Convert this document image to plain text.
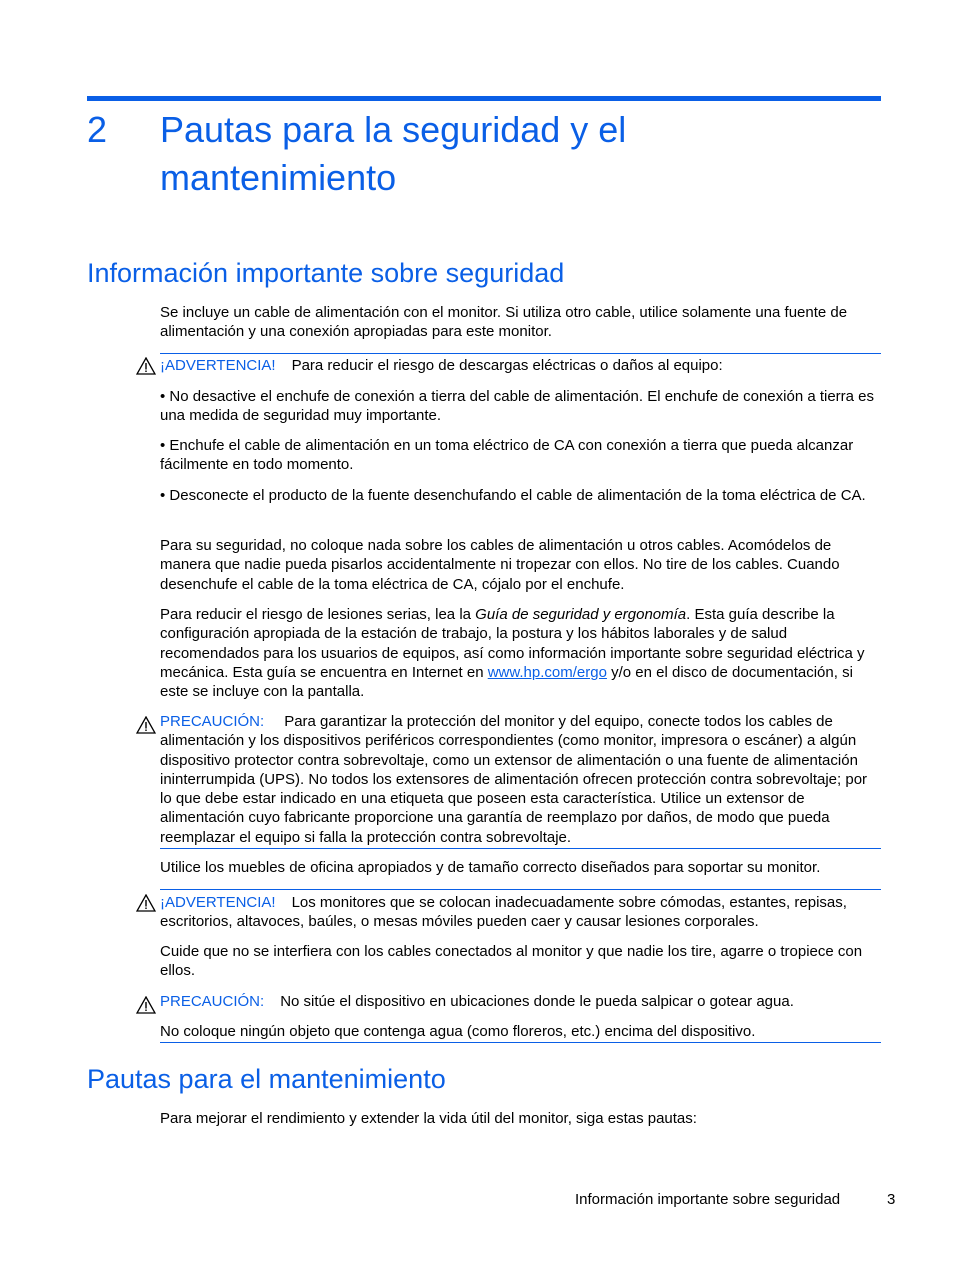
2 Pautas para la seguridad y el mantenimiento
Información importante sobre seguridad

Se incluye un cable de alimentación con el monitor. Si utiliza otro cable, utilice solamente una fuente de alimentación y una conexión apropiadas para este monitor.

¡ADVERTENCIA! Para reducir el riesgo de descargas eléctricas o daños al equipo:

• No desactive el enchufe de conexión a tierra del cable de alimentación. El enchufe de conexión a tierra es una medida de seguridad muy importante.

• Enchufe el cable de alimentación en un toma eléctrico de CA con conexión a tierra que pueda alcanzar fácilmente en todo momento.

• Desconecte el producto de la fuente desenchufando el cable de alimentación de la toma eléctrica de CA.

Para su seguridad, no coloque nada sobre los cables de alimentación u otros cables. Acomódelos de manera que nadie pueda pisarlos accidentalmente ni tropezar con ellos. No tire de los cables. Cuando desenchufe el cable de la toma eléctrica de CA, cójalo por el enchufe.

Para reducir el riesgo de lesiones serias, lea la Guía de seguridad y ergonomía. Esta guía describe la configuración apropiada de la estación de trabajo, la postura y los hábitos laborales y de salud recomendados para los usuarios de equipos, así como información importante sobre seguridad eléctrica y mecánica. Esta guía se encuentra en Internet en www.hp.com/ergo y/o en el disco de documentación, si este se incluye con la pantalla.

PRECAUCIÓN: Para garantizar la protección del monitor y del equipo, conecte todos los cables de alimentación y los dispositivos periféricos correspondientes (como monitor, impresora o escáner) a algún dispositivo protector contra sobrevoltaje, como un extensor de alimentación o una fuente de alimentación ininterrumpida (UPS). No todos los extensores de alimentación ofrecen protección contra sobrevoltaje; por lo que debe estar indicado en una etiqueta que poseen esta característica. Utilice un extensor de alimentación cuyo fabricante proporcione una garantía de reemplazo por daños, de modo que pueda reemplazar el equipo si falla la protección contra sobrevoltaje.

Utilice los muebles de oficina apropiados y de tamaño correcto diseñados para soportar su monitor.

¡ADVERTENCIA! Los monitores que se colocan inadecuadamente sobre cómodas, estantes, repisas, escritorios, altavoces, baúles, o mesas móviles pueden caer y causar lesiones corporales.

Cuide que no se interfiera con los cables conectados al monitor y que nadie los tire, agarre o tropiece con ellos.

PRECAUCIÓN: No sitúe el dispositivo en ubicaciones donde le pueda salpicar o gotear agua.

No coloque ningún objeto que contenga agua (como floreros, etc.) encima del dispositivo.

Pautas para el mantenimiento

Para mejorar el rendimiento y extender la vida útil del monitor, siga estas pautas:

Información importante sobre seguridad	3
